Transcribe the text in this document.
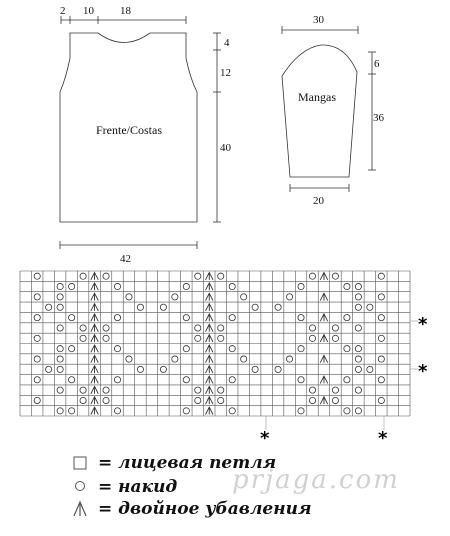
Frente/Costas
2 10 18
4
12
40
42
Mangas
30
6
36
20
*
*
*	*
= лицевая петля
= накид
= двойное убавления
prjaga.com
